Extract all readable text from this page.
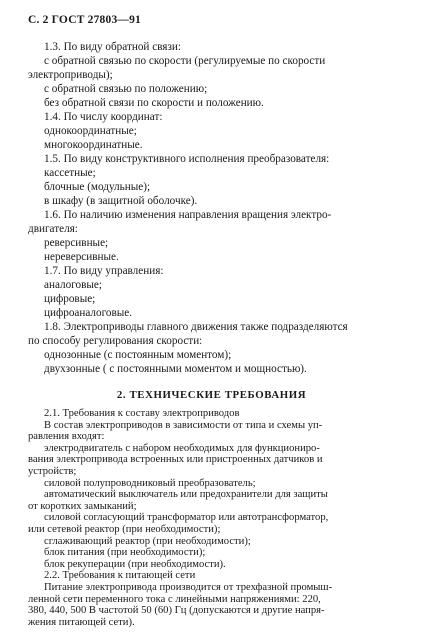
С. 2 ГОСТ 27803—91
1.3. По виду обратной связи:
с обратной связью по скорости (регулируемые по скорости
электроприводы);
с обратной связью по положению;
без обратной связи по скорости и положению.
1.4. По числу координат:
однокоординатные;
многокоординатные.
1.5. По виду конструктивного исполнения преобразователя:
кассетные;
блочные (модульные);
в шкафу (в защитной оболочке).
1.6. По наличию изменения направления вращения электро-
двигателя:
реверсивные;
нереверсивные.
1.7. По виду управления:
аналоговые;
цифровые;
цифроаналоговые.
1.8. Электроприводы главного движения также подразделяются
по способу регулирования скорости:
однозонные (с постоянным моментом);
двухзонные ( с постоянными моментом и мощностью).
2. ТЕХНИЧЕСКИЕ ТРЕБОВАНИЯ
2.1. Требования к составу электроприводов
В состав электроприводов в зависимости от типа и схемы уп-
равления входят:
электродвигатель с набором необходимых для функциониро-
вания электропривода встроенных или пристроенных датчиков и
устройств;
силовой полупроводниковый преобразователь;
автоматический выключатель или предохранители для защиты
от коротких замыканий;
силовой согласующий трансформатор или автотрансформатор,
или сетевой реактор (при необходимости);
сглаживающий реактор (при необходимости);
блок питания (при необходимости);
блок рекуперации (при необходимости).
2.2. Требования к питающей сети
Питание электропривода производится от трехфазной промыш-
ленной сети переменного тока с линейными напряжениями: 220,
380, 440, 500 В частотой 50 (60) Гц (допускаются и другие напря-
жения питающей сети).
